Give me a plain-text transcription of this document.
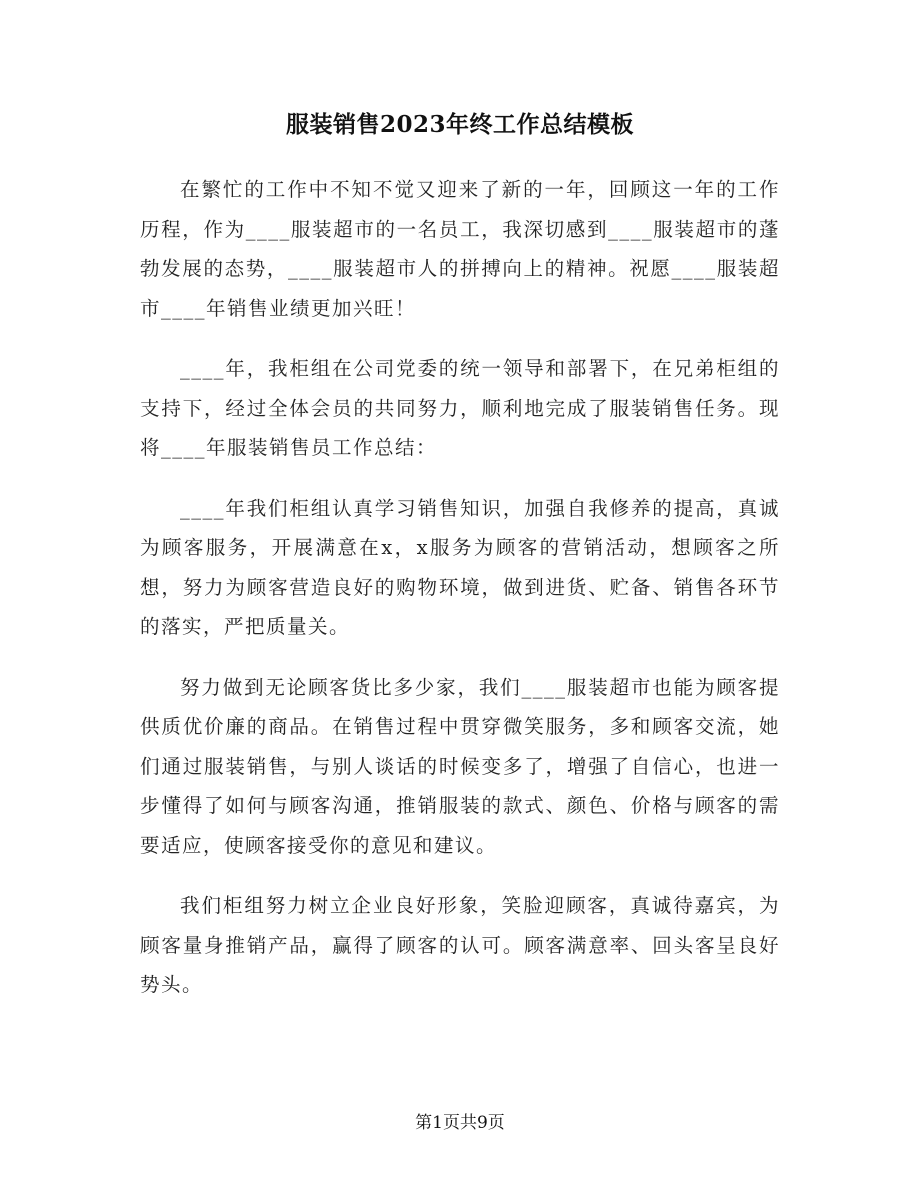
服装销售2023年终工作总结模板

在繁忙的工作中不知不觉又迎来了新的一年，回顾这一年的工作历程，作为____服装超市的一名员工，我深切感到____服装超市的蓬勃发展的态势，____服装超市人的拼搏向上的精神。祝愿____服装超市____年销售业绩更加兴旺！

____年，我柜组在公司党委的统一领导和部署下，在兄弟柜组的支持下，经过全体会员的共同努力，顺利地完成了服装销售任务。现将____年服装销售员工作总结：

____年我们柜组认真学习销售知识，加强自我修养的提高，真诚为顾客服务，开展满意在x，x服务为顾客的营销活动，想顾客之所想，努力为顾客营造良好的购物环境，做到进货、贮备、销售各环节的落实，严把质量关。

努力做到无论顾客货比多少家，我们____服装超市也能为顾客提供质优价廉的商品。在销售过程中贯穿微笑服务，多和顾客交流，她们通过服装销售，与别人谈话的时候变多了，增强了自信心，也进一步懂得了如何与顾客沟通，推销服装的款式、颜色、价格与顾客的需要适应，使顾客接受你的意见和建议。

我们柜组努力树立企业良好形象，笑脸迎顾客，真诚待嘉宾，为顾客量身推销产品，赢得了顾客的认可。顾客满意率、回头客呈良好势头。

第1页共9页
